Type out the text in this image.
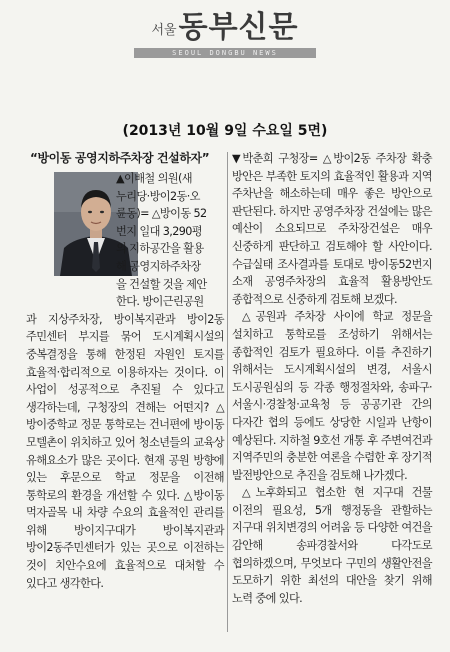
서울 동부신문
SEOUL DONGBU NEWS
(2013년 10월 9일 수요일 5면)
“방이동 공영지하주차장 건설하자”
▲이배철 의원(새
누리당·방이2동·오
륜동)= △방이동 52
번지 일대 3,290평
의 지하공간을 활용
해 공영지하주차장
을 건설할 것을 제안
한다. 방이근린공원

과 지상주차장, 방이복지관과 방이2동 주민센터 부지를 묶어 도시계획시설의 중복결정을 통해 한정된 자원인 토지를 효율적·합리적으로 이용하자는 것이다. 이 사업이 성공적으로 추진될 수 있다고 생각하는데, 구청장의 견해는 어떤지? △방이중학교 정문 통학로는 건너편에 방이동 모텔촌이 위치하고 있어 청소년들의 교육상 유해요소가 많은 곳이다. 현재 공원 방향에 있는 후문으로 학교 정문을 이전해 통학로의 환경을 개선할 수 있다. △방이동 먹자골목 내 차량 수요의 효율적인 관리를 위해 방이지구대가 방이복지관과 방이2동주민센터가 있는 곳으로 이전하는 것이 치안수요에 효율적으로 대처할 수 있다고 생각한다.

▼박춘희 구청장= △방이2동 주차장 확충 방안은 부족한 토지의 효율적인 활용과 지역 주차난을 해소하는데 매우 좋은 방안으로 판단된다. 하지만 공영주차장 건설에는 많은 예산이 소요되므로 주차장건설은 매우 신중하게 판단하고 검토해야 할 사안이다. 수급실태 조사결과를 토대로 방이동52번지 소재 공영주차장의 효율적 활용방안도 종합적으로 신중하게 검토해 보겠다.

△공원과 주차장 사이에 학교 정문을 설치하고 통학로를 조성하기 위해서는 종합적인 검토가 필요하다. 이를 추진하기 위해서는 도시계획시설의 변경, 서울시 도시공원심의 등 각종 행정절차와, 송파구·서울시·경찰청·교육청 등 공공기관 간의 다자간 협의 등에도 상당한 시일과 난항이 예상된다. 지하철 9호선 개통 후 주변여건과 지역주민의 충분한 여론을 수렴한 후 장기적 발전방안으로 추진을 검토해 나가겠다.

△노후화되고 협소한 현 지구대 건물 이전의 필요성, 5개 행정동을 관할하는 지구대 위치변경의 어려움 등 다양한 여건을 감안해 송파경찰서와 다각도로 협의하겠으며, 무엇보다 구민의 생활안전을 도모하기 위한 최선의 대안을 찾기 위해 노력 중에 있다.
